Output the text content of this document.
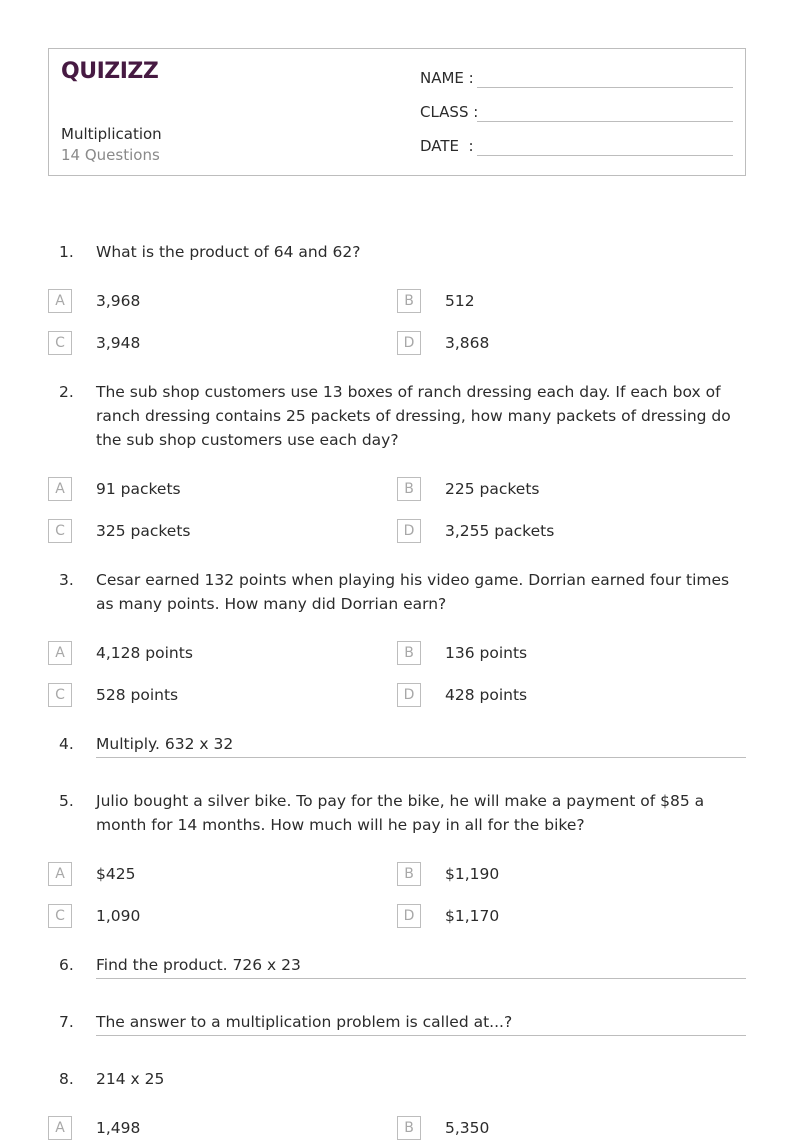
QUIZIZZ
Multiplication
14 Questions
NAME :
CLASS :
DATE  :
1. What is the product of 64 and 62?
A	3,968	B	512
C	3,948	D	3,868
2. The sub shop customers use 13 boxes of ranch dressing each day. If each box of ranch dressing contains 25 packets of dressing, how many packets of dressing do the sub shop customers use each day?
A	91 packets	B	225 packets
C	325 packets	D	3,255 packets
3. Cesar earned 132 points when playing his video game. Dorrian earned four times as many points. How many did Dorrian earn?
A	4,128 points	B	136 points
C	528 points	D	428 points
4. Multiply. 632 x 32
5. Julio bought a silver bike. To pay for the bike, he will make a payment of $85 a month for 14 months. How much will he pay in all for the bike?
A	$425	B	$1,190
C	1,090	D	$1,170
6. Find the product. 726 x 23
7. The answer to a multiplication problem is called at...?
8. 214 x 25
A	1,498	B	5,350
